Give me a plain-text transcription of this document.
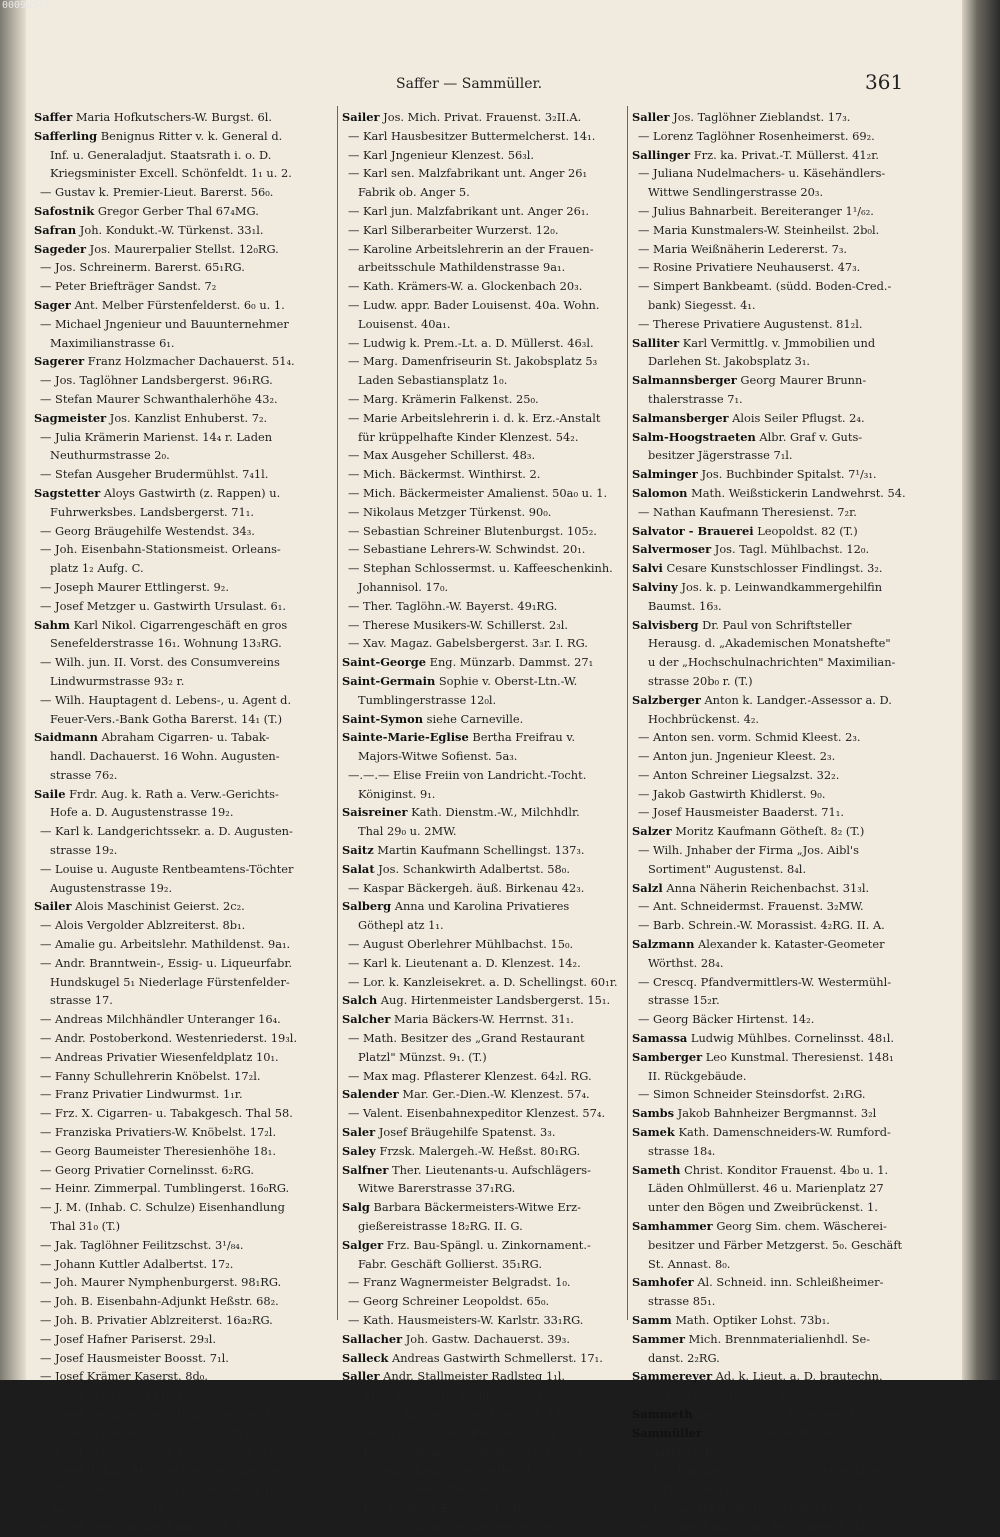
00098547
Saffer — Sammüller.	361
Saffer Maria Hofkutschers-W. Burgst. 6l.
Safferling Benignus Ritter v. k. General d.
Inf. u. Generaladjut. Staatsrath i. o. D.
Kriegsminister Excell. Schönfeldt. 1₁ u. 2.
— Gustav k. Premier-Lieut. Barerst. 56₀.
Safostnik Gregor Gerber Thal 67₄MG.
Safran Joh. Kondukt.-W. Türkenst. 33₁l.
Sageder Jos. Maurerpalier Stellst. 12₀RG.
— Jos. Schreinerm. Barerst. 65₁RG.
— Peter Briefträger Sandst. 7₂
Sager Ant. Melber Fürstenfelderst. 6₀ u. 1.
— Michael Jngenieur und Bauunternehmer
Maximilianstrasse 6₁.
Sagerer Franz Holzmacher Dachauerst. 51₄.
— Jos. Taglöhner Landsbergerst. 96₁RG.
— Stefan Maurer Schwanthalerhöhe 43₂.
Sagmeister Jos. Kanzlist Enhuberst. 7₂.
— Julia Krämerin Marienst. 14₄ r. Laden
Neuthurmstrasse 2₀.
— Stefan Ausgeher Brudermühlst. 7₄1l.
Sagstetter Aloys Gastwirth (z. Rappen) u.
Fuhrwerksbes. Landsbergerst. 71₁.
— Georg Bräugehilfe Westendst. 34₃.
— Joh. Eisenbahn-Stationsmeist. Orleans-
platz 1₂ Aufg. C.
— Joseph Maurer Ettlingerst. 9₂.
— Josef Metzger u. Gastwirth Ursulast. 6₁.
Sahm Karl Nikol. Cigarrengeschäft en gros
Senefelderstrasse 16₁. Wohnung 13₃RG.
— Wilh. jun. II. Vorst. des Consumvereins
Lindwurmstrasse 93₂ r.
— Wilh. Hauptagent d. Lebens-, u. Agent d.
Feuer-Vers.-Bank Gotha Barerst. 14₁ (T.)
Saidmann Abraham Cigarren- u. Tabak-
handl. Dachauerst. 16 Wohn. Augusten-
strasse 76₂.
Saile Frdr. Aug. k. Rath a. Verw.-Gerichts-
Hofe a. D. Augustenstrasse 19₂.
— Karl k. Landgerichtssekr. a. D. Augusten-
strasse 19₂.
— Louise u. Auguste Rentbeamtens-Töchter
Augustenstrasse 19₂.
Sailer Alois Maschinist Geierst. 2c₂.
— Alois Vergolder Ablzreiterst. 8b₁.
— Amalie gu. Arbeitslehr. Mathildenst. 9a₁.
— Andr. Branntwein-, Essig- u. Liqueurfabr.
Hundskugel 5₁ Niederlage Fürstenfelder-
strasse 17.
— Andreas Milchhändler Unteranger 16₄.
— Andr. Postoberkond. Westenriederst. 19₃l.
— Andreas Privatier Wiesenfeldplatz 10₁.
— Fanny Schullehrerin Knöbelst. 17₂l.
— Franz Privatier Lindwurmst. 1₁r.
— Frz. X. Cigarren- u. Tabakgesch. Thal 58.
— Franziska Privatiers-W. Knöbelst. 17₂l.
— Georg Baumeister Theresienhöhe 18₁.
— Georg Privatier Cornelinsst. 6₂RG.
— Heinr. Zimmerpal. Tumblingerst. 16₀RG.
— J. M. (Inhab. C. Schulze) Eisenhandlung
Thal 31₀ (T.)
— Jak. Taglöhner Feilitzschst. 3¹/₈₄.
— Johann Kuttler Adalbertst. 17₂.
— Joh. Maurer Nymphenburgerst. 98₁RG.
— Joh. B. Eisenbahn-Adjunkt Heßstr. 68₂.
— Joh. B. Privatier Ablzreiterst. 16a₂RG.
— Josef Hafner Pariserst. 29₃l.
— Josef Hausmeister Boosst. 7₁l.
— Josef Krämer Kaserst. 8d₀.
— Josef Maschinist Metzst. 7₃.
— Josef Metallwaarenhdl. Erzgießereist. 20₁.
— Josef Schreiner Grundelst. 37₁RG.
— Josef Schulverweser Fraunhoferst. 32₃.
— Josef (Inhab. Michael Kreitler) Spiritus-,
Branntwein-, Essig- u. Liqueurfabrik Js-
maningerstrasse 42.
— Josef Steindrucker Rumfordst. 35₃ r.
Sailer Jos. Mich. Privat. Frauenst. 3₂II.A.
— Karl Hausbesitzer Buttermelcherst. 14₁.
— Karl Jngenieur Klenzest. 56₃l.
— Karl sen. Malzfabrikant unt. Anger 26₁
Fabrik ob. Anger 5.
— Karl jun. Malzfabrikant unt. Anger 26₁.
— Karl Silberarbeiter Wurzerst. 12₀.
— Karoline Arbeitslehrerin an der Frauen-
arbeitsschule Mathildenstrasse 9a₁.
— Kath. Krämers-W. a. Glockenbach 20₃.
— Ludw. appr. Bader Louisenst. 40a. Wohn.
Louisenst. 40a₁.
— Ludwig k. Prem.-Lt. a. D. Müllerst. 46₃l.
— Marg. Damenfriseurin St. Jakobsplatz 5₃
Laden Sebastiansplatz 1₀.
— Marg. Krämerin Falkenst. 25₀.
— Marie Arbeitslehrerin i. d. k. Erz.-Anstalt
für krüppelhafte Kinder Klenzest. 54₂.
— Max Ausgeher Schillerst. 48₃.
— Mich. Bäckermst. Winthirst. 2.
— Mich. Bäckermeister Amalienst. 50a₀ u. 1.
— Nikolaus Metzger Türkenst. 90₀.
— Sebastian Schreiner Blutenburgst. 105₂.
— Sebastiane Lehrers-W. Schwindst. 20₁.
— Stephan Schlossermst. u. Kaffeeschenkinh.
Johannisol. 17₀.
— Ther. Taglöhn.-W. Bayerst. 49₁RG.
— Therese Musikers-W. Schillerst. 2₃l.
— Xav. Magaz. Gabelsbergerst. 3₃r. I. RG.
Saint-George Eng. Münzarb. Dammst. 27₁
Saint-Germain Sophie v. Oberst-Ltn.-W.
Tumblingerstrasse 12₀l.
Saint-Symon siehe Carneville.
Sainte-Marie-Eglise Bertha Freifrau v.
Majors-Witwe Sofienst. 5a₃.
—.—.— Elise Freiin von Landricht.-Tocht.
Königinst. 9₁.
Saisreiner Kath. Dienstm.-W., Milchhdlr.
Thal 29₀ u. 2MW.
Saitz Martin Kaufmann Schellingst. 137₃.
Salat Jos. Schankwirth Adalbertst. 58₀.
— Kaspar Bäckergeh. äuß. Birkenau 42₃.
Salberg Anna und Karolina Privatieres
Göthepl atz 1₁.
— August Oberlehrer Mühlbachst. 15₀.
— Karl k. Lieutenant a. D. Klenzest. 14₂.
— Lor. k. Kanzleisekret. a. D. Schellingst. 60₁r.
Salch Aug. Hirtenmeister Landsbergerst. 15₁.
Salcher Maria Bäckers-W. Herrnst. 31₁.
— Math. Besitzer des „Grand Restaurant
Platzl" Münzst. 9₁. (T.)
— Max mag. Pflasterer Klenzest. 64₂l. RG.
Salender Mar. Ger.-Dien.-W. Klenzest. 57₄.
— Valent. Eisenbahnexpeditor Klenzest. 57₄.
Saler Josef Bräugehilfe Spatenst. 3₃.
Saley Frzsk. Malergeh.-W. Heßst. 80₁RG.
Salfner Ther. Lieutenants-u. Aufschlägers-
Witwe Barerstrasse 37₁RG.
Salg Barbara Bäckermeisters-Witwe Erz-
gießereistrasse 18₂RG. II. G.
Salger Frz. Bau-Spängl. u. Zinkornament.-
Fabr. Geschäft Gollierst. 35₁RG.
— Franz Wagnermeister Belgradst. 1₀.
— Georg Schreiner Leopoldst. 65₀.
— Kath. Hausmeisters-W. Karlstr. 33₁RG.
Sallacher Joh. Gastw. Dachauerst. 39₃.
Salleck Andreas Gastwirth Schmellerst. 17₁.
Saller Andr. Stallmeister Radlsteg 1₁l.
— Anna Wäscherin Zieblandst. 21₀.
— Georg Zahntechniker Dienerst. 19₂.
— Heinrich Monteur Reichenbachst. 20d₄m.
— Jos. Gendarm.-Stat.-Kommand. Dienst-
wohnung Englischer Garten 4₀.
— Jos. Ausgeher Zieblandst. 21₀.
— Jos. Postbote Elvirast. 13₂RG.
— Jos. Schuhmacher Westendst. 19₀.
Saller Jos. Taglöhner Zieblandst. 17₃.
— Lorenz Taglöhner Rosenheimerst. 69₂.
Sallinger Frz. ka. Privat.-T. Müllerst. 41₂r.
— Juliana Nudelmachers- u. Käsehändlers-
Wittwe Sendlingerstrasse 20₃.
— Julius Bahnarbeit. Bereiteranger 1¹/₆₂.
— Maria Kunstmalers-W. Steinheilst. 2b₀l.
— Maria Weißnäherin Ledererst. 7₃.
— Rosine Privatiere Neuhauserst. 47₃.
— Simpert Bankbeamt. (südd. Boden-Cred.-
bank) Siegesst. 4₁.
— Therese Privatiere Augustenst. 81₂l.
Salliter Karl Vermittlg. v. Jmmobilien und
Darlehen St. Jakobsplatz 3₁.
Salmannsberger Georg Maurer Brunn-
thalerstrasse 7₁.
Salmansberger Alois Seiler Pflugst. 2₄.
Salm-Hoogstraeten Albr. Graf v. Guts-
besitzer Jägerstrasse 7₁l.
Salminger Jos. Buchbinder Spitalst. 7¹/₃₁.
Salomon Math. Weißstickerin Landwehrst. 54.
— Nathan Kaufmann Theresienst. 7₂r.
Salvator - Brauerei Leopoldst. 82 (T.)
Salvermoser Jos. Tagl. Mühlbachst. 12₀.
Salvi Cesare Kunstschlosser Findlingst. 3₂.
Salviny Jos. k. p. Leinwandkammergehilfin
Baumst. 16₃.
Salvisberg Dr. Paul von Schriftsteller
Herausg. d. „Akademischen Monatshefte"
u der „Hochschulnachrichten" Maximilian-
strasse 20b₀ r. (T.)
Salzberger Anton k. Landger.-Assessor a. D.
Hochbrückenst. 4₂.
— Anton sen. vorm. Schmid Kleest. 2₃.
— Anton jun. Jngenieur Kleest. 2₃.
— Anton Schreiner Liegsalzst. 32₂.
— Jakob Gastwirth Khidlerst. 9₀.
— Josef Hausmeister Baaderst. 71₁.
Salzer Moritz Kaufmann Götheſt. 8₂ (T.)
— Wilh. Jnhaber der Firma „Jos. Aibl's
Sortiment" Augustenst. 8₄l.
Salzl Anna Näherin Reichenbachst. 31₃l.
— Ant. Schneidermst. Frauenst. 3₂MW.
— Barb. Schrein.-W. Morassist. 4₂RG. II. A.
Salzmann Alexander k. Kataster-Geometer
Wörthst. 28₄.
— Crescq. Pfandvermittlers-W. Westermühl-
strasse 15₂r.
— Georg Bäcker Hirtenst. 14₂.
Samassa Ludwig Mühlbes. Cornelinsst. 48₁l.
Samberger Leo Kunstmal. Theresienst. 148₁
II. Rückgebäude.
— Simon Schneider Steinsdorfst. 2₁RG.
Sambs Jakob Bahnheizer Bergmannst. 3₂l
Samek Kath. Damenschneiders-W. Rumford-
strasse 18₄.
Sameth Christ. Konditor Frauenst. 4b₀ u. 1.
Läden Ohlmüllerst. 46 u. Marienplatz 27
unter den Bögen und Zweibrückenst. 1.
Samhammer Georg Sim. chem. Wäscherei-
besitzer und Färber Metzgerst. 5₀. Geschäft
St. Annast. 8₀.
Samhofer Al. Schneid. inn. Schleißheimer-
strasse 85₁.
Samm Math. Optiker Lohst. 73b₁.
Sammer Mich. Brennmaterialienhdl. Se-
danst. 2₂RG.
Sammereyer Ad. k. Lieut. a. D. brautechn.
Jnstitut u. Anfragebur. Wiesenfeldpl. 3₂.
Sammeth Ludw. Privatier Mitterest. 15₂.
Sammüller Franz Ausgeher Rinder-
markt 18₁RG.
— Jos. Bankbeamt. (südd. Boden-Creditbank)
Karlstrasse 41₃l.
— Kaspar städt. Amtsschreiber Mühlst. 7b₁r.
— Michael Funktionär Sendlingerst. 34₁.
